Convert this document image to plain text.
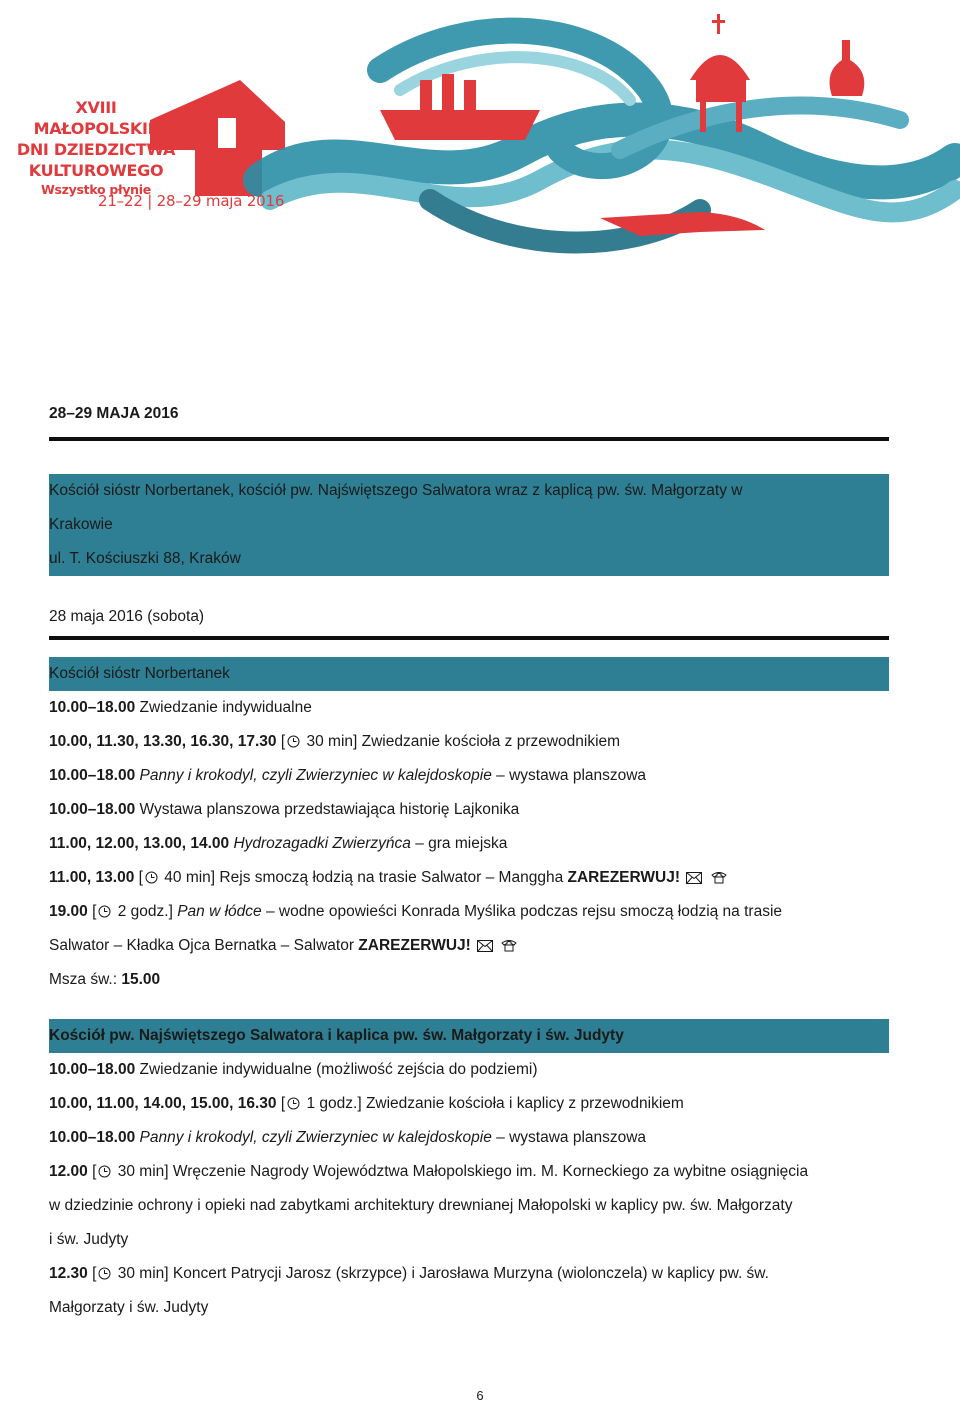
XVIII MAŁOPOLSKIE
DNI DZIEDZICTWA
KULTUROWEGO
Wszystko płynie
21–22 | 28–29 maja 2016
28–29 MAJA 2016
Kościół sióstr Norbertanek, kościół pw. Najświętszego Salwatora wraz z kaplicą pw. św. Małgorzaty w
Krakowie
ul. T. Kościuszki 88, Kraków
28 maja 2016 (sobota)
Kościół sióstr Norbertanek
10.00–18.00 Zwiedzanie indywidualne
10.00, 11.30, 13.30, 16.30, 17.30 [ 30 min] Zwiedzanie kościoła z przewodnikiem
10.00–18.00 Panny i krokodyl, czyli Zwierzyniec w kalejdoskopie – wystawa planszowa
10.00–18.00 Wystawa planszowa przedstawiająca historię Lajkonika
11.00, 12.00, 13.00, 14.00 Hydrozagadki Zwierzyńca – gra miejska
11.00, 13.00 [ 40 min] Rejs smoczą łodzią na trasie Salwator – Manggha ZAREZERWUJ!
19.00 [ 2 godz.] Pan w łódce – wodne opowieści Konrada Myślika podczas rejsu smoczą łodzią na trasie
Salwator – Kładka Ojca Bernatka – Salwator ZAREZERWUJ!
Msza św.: 15.00
Kościół pw. Najświętszego Salwatora i kaplica pw. św. Małgorzaty i św. Judyty
10.00–18.00 Zwiedzanie indywidualne (możliwość zejścia do podziemi)
10.00, 11.00, 14.00, 15.00, 16.30 [ 1 godz.] Zwiedzanie kościoła i kaplicy z przewodnikiem
10.00–18.00 Panny i krokodyl, czyli Zwierzyniec w kalejdoskopie – wystawa planszowa
12.00 [ 30 min] Wręczenie Nagrody Województwa Małopolskiego im. M. Korneckiego za wybitne osiągnięcia
w dziedzinie ochrony i opieki nad zabytkami architektury drewnianej Małopolski w kaplicy pw. św. Małgorzaty
i św. Judyty
12.30 [ 30 min] Koncert Patrycji Jarosz (skrzypce) i Jarosława Murzyna (wiolonczela) w kaplicy pw. św.
Małgorzaty i św. Judyty
6
